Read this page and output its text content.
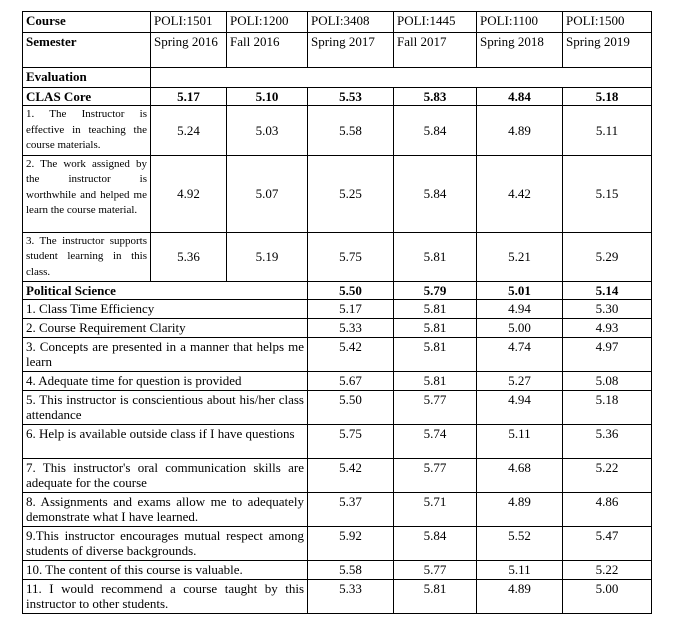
Course	POLI:1501	POLI:1200	POLI:3408	POLI:1445	POLI:1100	POLI:1500
Semester	Spring 2016	Fall 2016	Spring 2017	Fall 2017	Spring 2018	Spring 2019
Evaluation						
CLAS Core	5.17	5.10	5.53	5.83	4.84	5.18
1. The Instructor is effective in teaching the course materials.	5.24	5.03	5.58	5.84	4.89	5.11
2. The work assigned by the instructor is worthwhile and helped me learn the course material.	4.92	5.07	5.25	5.84	4.42	5.15
3. The instructor supports student learning in this class.	5.36	5.19	5.75	5.81	5.21	5.29
Political Science			5.50	5.79	5.01	5.14
1. Class Time Efficiency			5.17	5.81	4.94	5.30
2. Course Requirement Clarity			5.33	5.81	5.00	4.93
3. Concepts are presented in a manner that helps me learn			5.42	5.81	4.74	4.97
4. Adequate time for question is provided			5.67	5.81	5.27	5.08
5. This instructor is conscientious about his/her class attendance			5.50	5.77	4.94	5.18
6. Help is available outside class if I have questions			5.75	5.74	5.11	5.36
7. This instructor's oral communication skills are adequate for the course			5.42	5.77	4.68	5.22
8. Assignments and exams allow me to adequately demonstrate what I have learned.			5.37	5.71	4.89	4.86
9.This instructor encourages mutual respect among students of diverse backgrounds.			5.92	5.84	5.52	5.47
10. The content of this course is valuable.			5.58	5.77	5.11	5.22
11. I would recommend a course taught by this instructor to other students.			5.33	5.81	4.89	5.00
